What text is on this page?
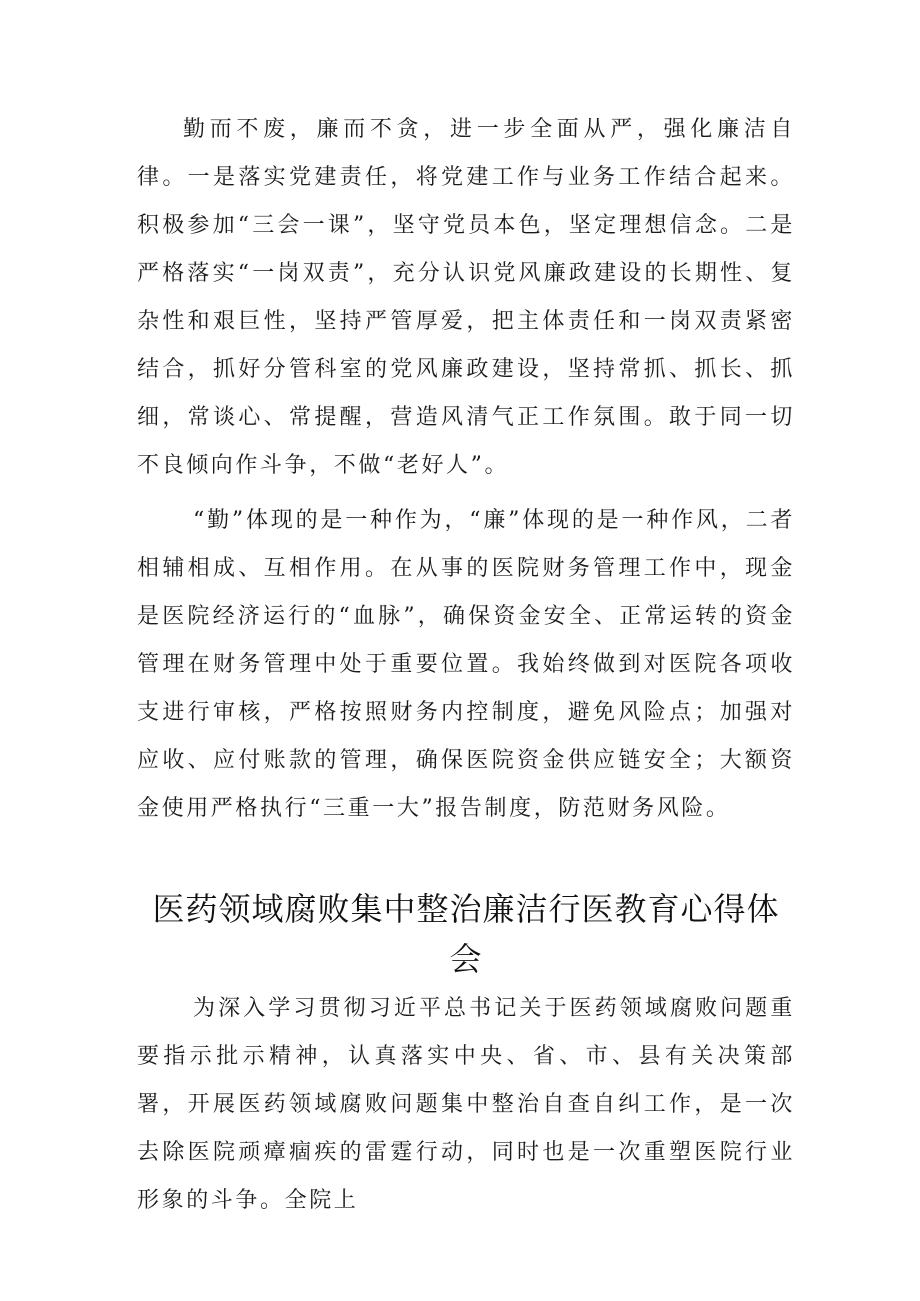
勤而不废，廉而不贪，进一步全面从严，强化廉洁自律。一是落实党建责任，将党建工作与业务工作结合起来。积极参加“三会一课”，坚守党员本色，坚定理想信念。二是严格落实“一岗双责”，充分认识党风廉政建设的长期性、复杂性和艰巨性，坚持严管厚爱，把主体责任和一岗双责紧密结合，抓好分管科室的党风廉政建设，坚持常抓、抓长、抓细，常谈心、常提醒，营造风清气正工作氛围。敢于同一切不良倾向作斗争，不做“老好人”。

“勤”体现的是一种作为，“廉”体现的是一种作风，二者相辅相成、互相作用。在从事的医院财务管理工作中，现金是医院经济运行的“血脉”，确保资金安全、正常运转的资金管理在财务管理中处于重要位置。我始终做到对医院各项收支进行审核，严格按照财务内控制度，避免风险点；加强对应收、应付账款的管理，确保医院资金供应链安全；大额资金使用严格执行“三重一大”报告制度，防范财务风险。

医药领域腐败集中整治廉洁行医教育心得体会

为深入学习贯彻习近平总书记关于医药领域腐败问题重要指示批示精神，认真落实中央、省、市、县有关决策部署，开展医药领域腐败问题集中整治自查自纠工作，是一次去除医院顽瘴痼疾的雷霆行动，同时也是一次重塑医院行业形象的斗争。全院上
